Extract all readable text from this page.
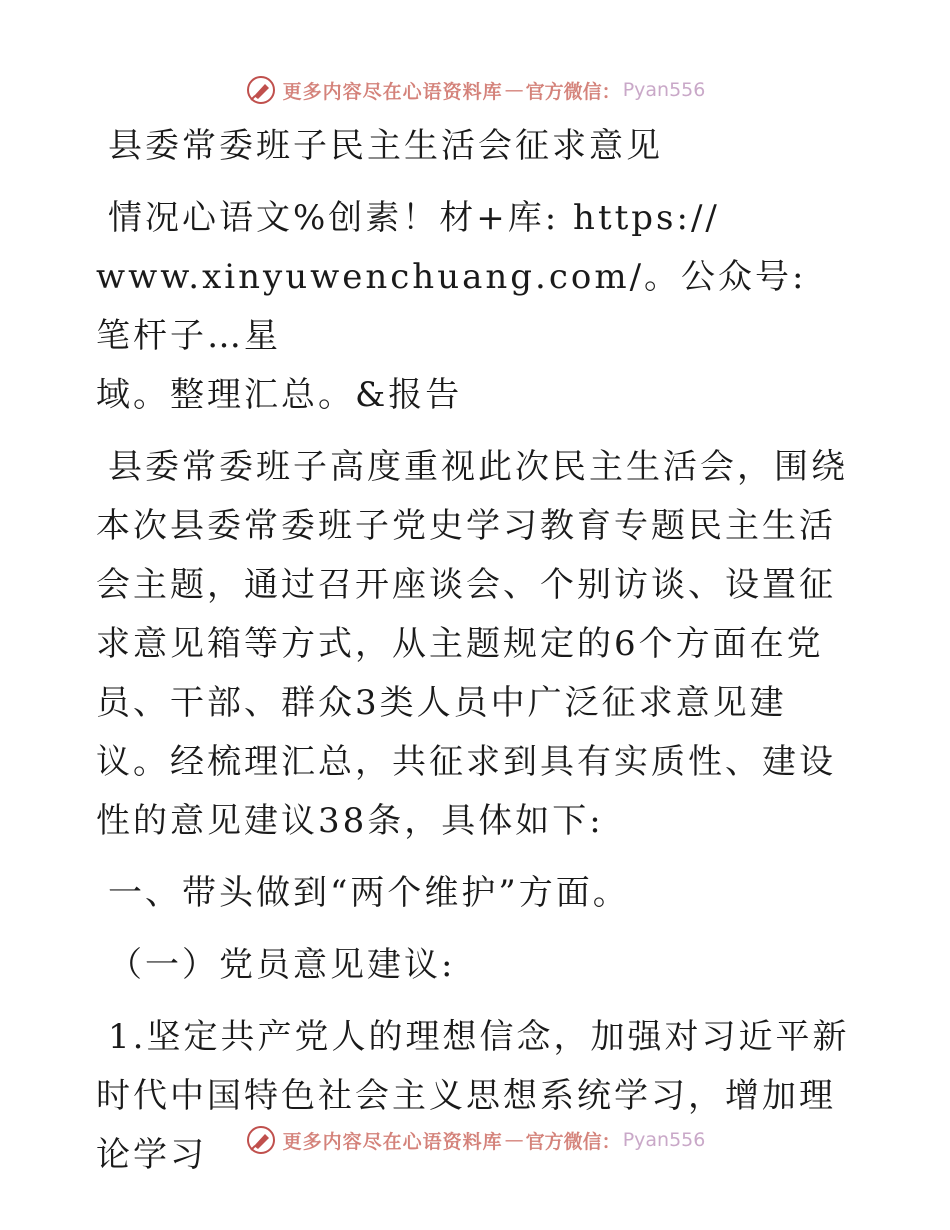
更多内容尽在心语资料库 — 官方微信： Pyan556

县委常委班子民主生活会征求意见

情况心语文%创素！材+库: https://

www.xinyuwenchuang.com/。公众号: 笔杆子…星

域。整理汇总。&报告

县委常委班子高度重视此次民主生活会，围绕本次县委常委班子党史学习教育专题民主生活会主题，通过召开座谈会、个别访谈、设置征求意见箱等方式，从主题规定的6个方面在党员、干部、群众3类人员中广泛征求意见建议。经梳理汇总，共征求到具有实质性、建设性的意见建议38条，具体如下:

一、带头做到“两个维护”方面。

（一）党员意见建议:

1.坚定共产党人的理想信念，加强对习近平新时代中国特色社会主义思想系统学习，增加理论学习	更多内容尽在心语资料库 — 官方微信： Pyan556
